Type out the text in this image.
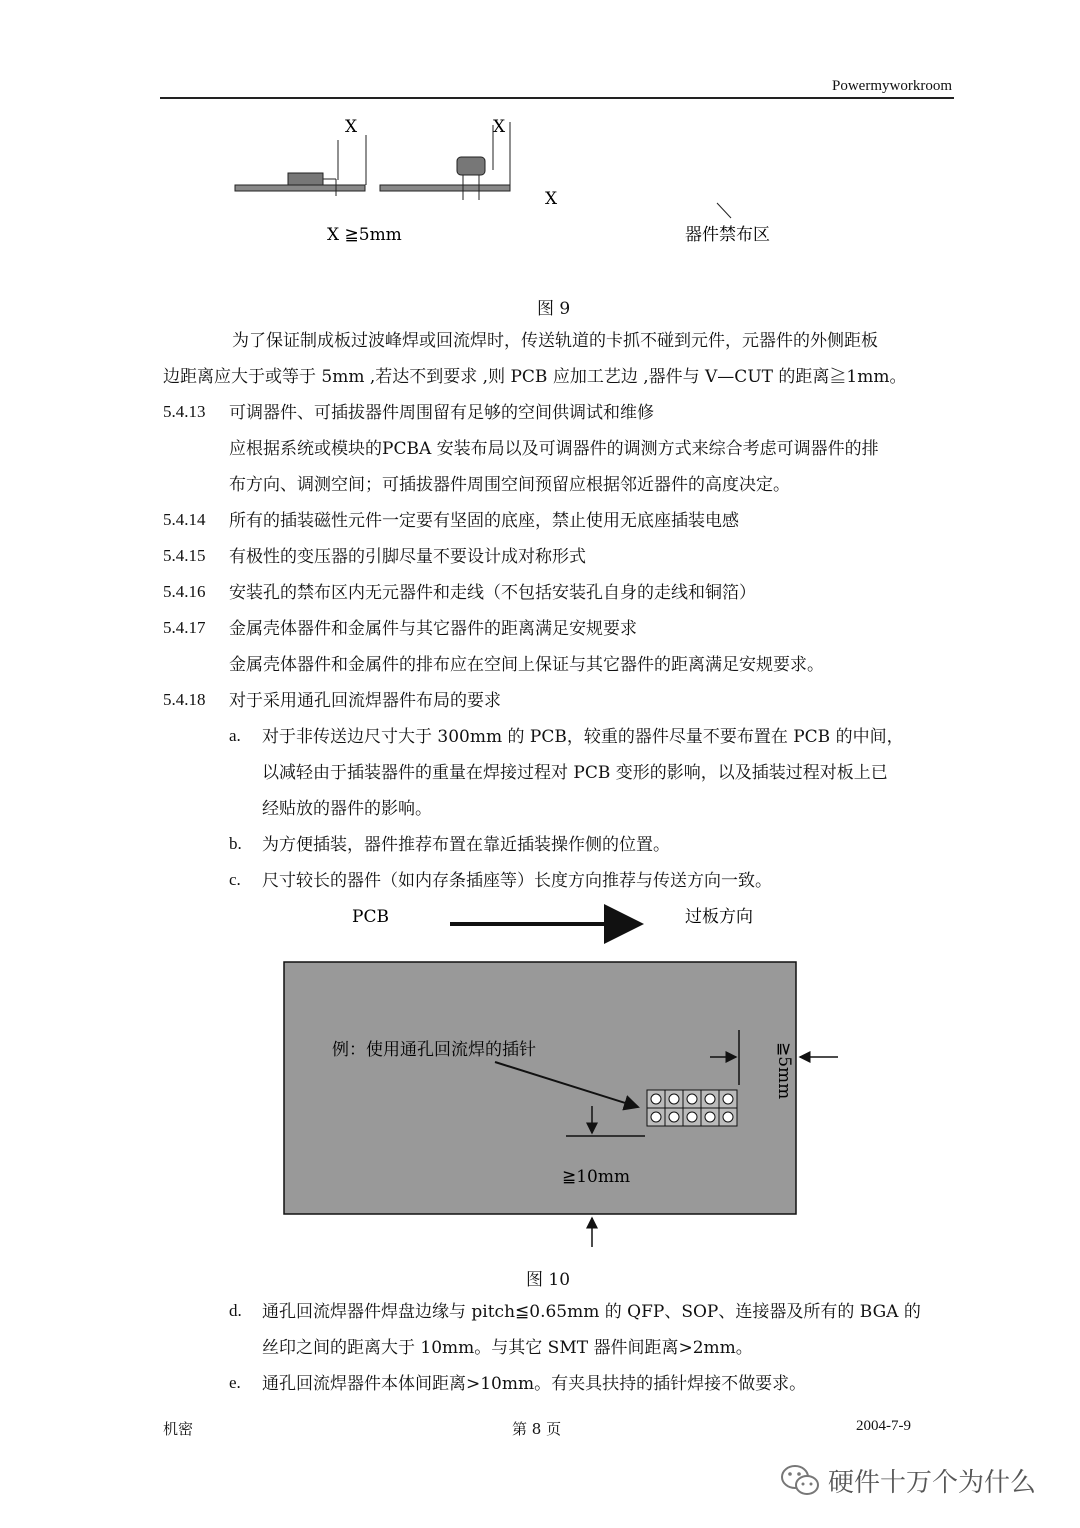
Powermyworkroom
X	X
X
X ≧5mm	器件禁布区
图 9
为了保证制成板过波峰焊或回流焊时，传送轨道的卡抓不碰到元件，元器件的外侧距板
边距离应大于或等于 5mm ,若达不到要求 ,则 PCB 应加工艺边 ,器件与 V—CUT 的距离≧1mm。
5.4.13 可调器件、可插拔器件周围留有足够的空间供调试和维修
应根据系统或模块的PCBA 安装布局以及可调器件的调测方式来综合考虑可调器件的排
布方向、调测空间；可插拔器件周围空间预留应根据邻近器件的高度决定。
5.4.14 所有的插装磁性元件一定要有坚固的底座，禁止使用无底座插装电感
5.4.15 有极性的变压器的引脚尽量不要设计成对称形式
5.4.16 安装孔的禁布区内无元器件和走线（不包括安装孔自身的走线和铜箔）
5.4.17 金属壳体器件和金属件与其它器件的距离满足安规要求
金属壳体器件和金属件的排布应在空间上保证与其它器件的距离满足安规要求。
5.4.18 对于采用通孔回流焊器件布局的要求
a. 对于非传送边尺寸大于 300mm 的 PCB，较重的器件尽量不要布置在 PCB 的中间，
以减轻由于插装器件的重量在焊接过程对 PCB 变形的影响，以及插装过程对板上已
经贴放的器件的影响。
b. 为方便插装，器件推荐布置在靠近插装操作侧的位置。
c. 尺寸较长的器件（如内存条插座等）长度方向推荐与传送方向一致。
PCB	过板方向
例：使用通孔回流焊的插针	≧5mm
≧10mm
图 10
d. 通孔回流焊器件焊盘边缘与 pitch≦0.65mm 的 QFP、SOP、连接器及所有的 BGA 的
丝印之间的距离大于 10mm。与其它 SMT 器件间距离>2mm。
e. 通孔回流焊器件本体间距离>10mm。有夹具扶持的插针焊接不做要求。
机密	第 8 页	2004-7-9
硬件十万个为什么
